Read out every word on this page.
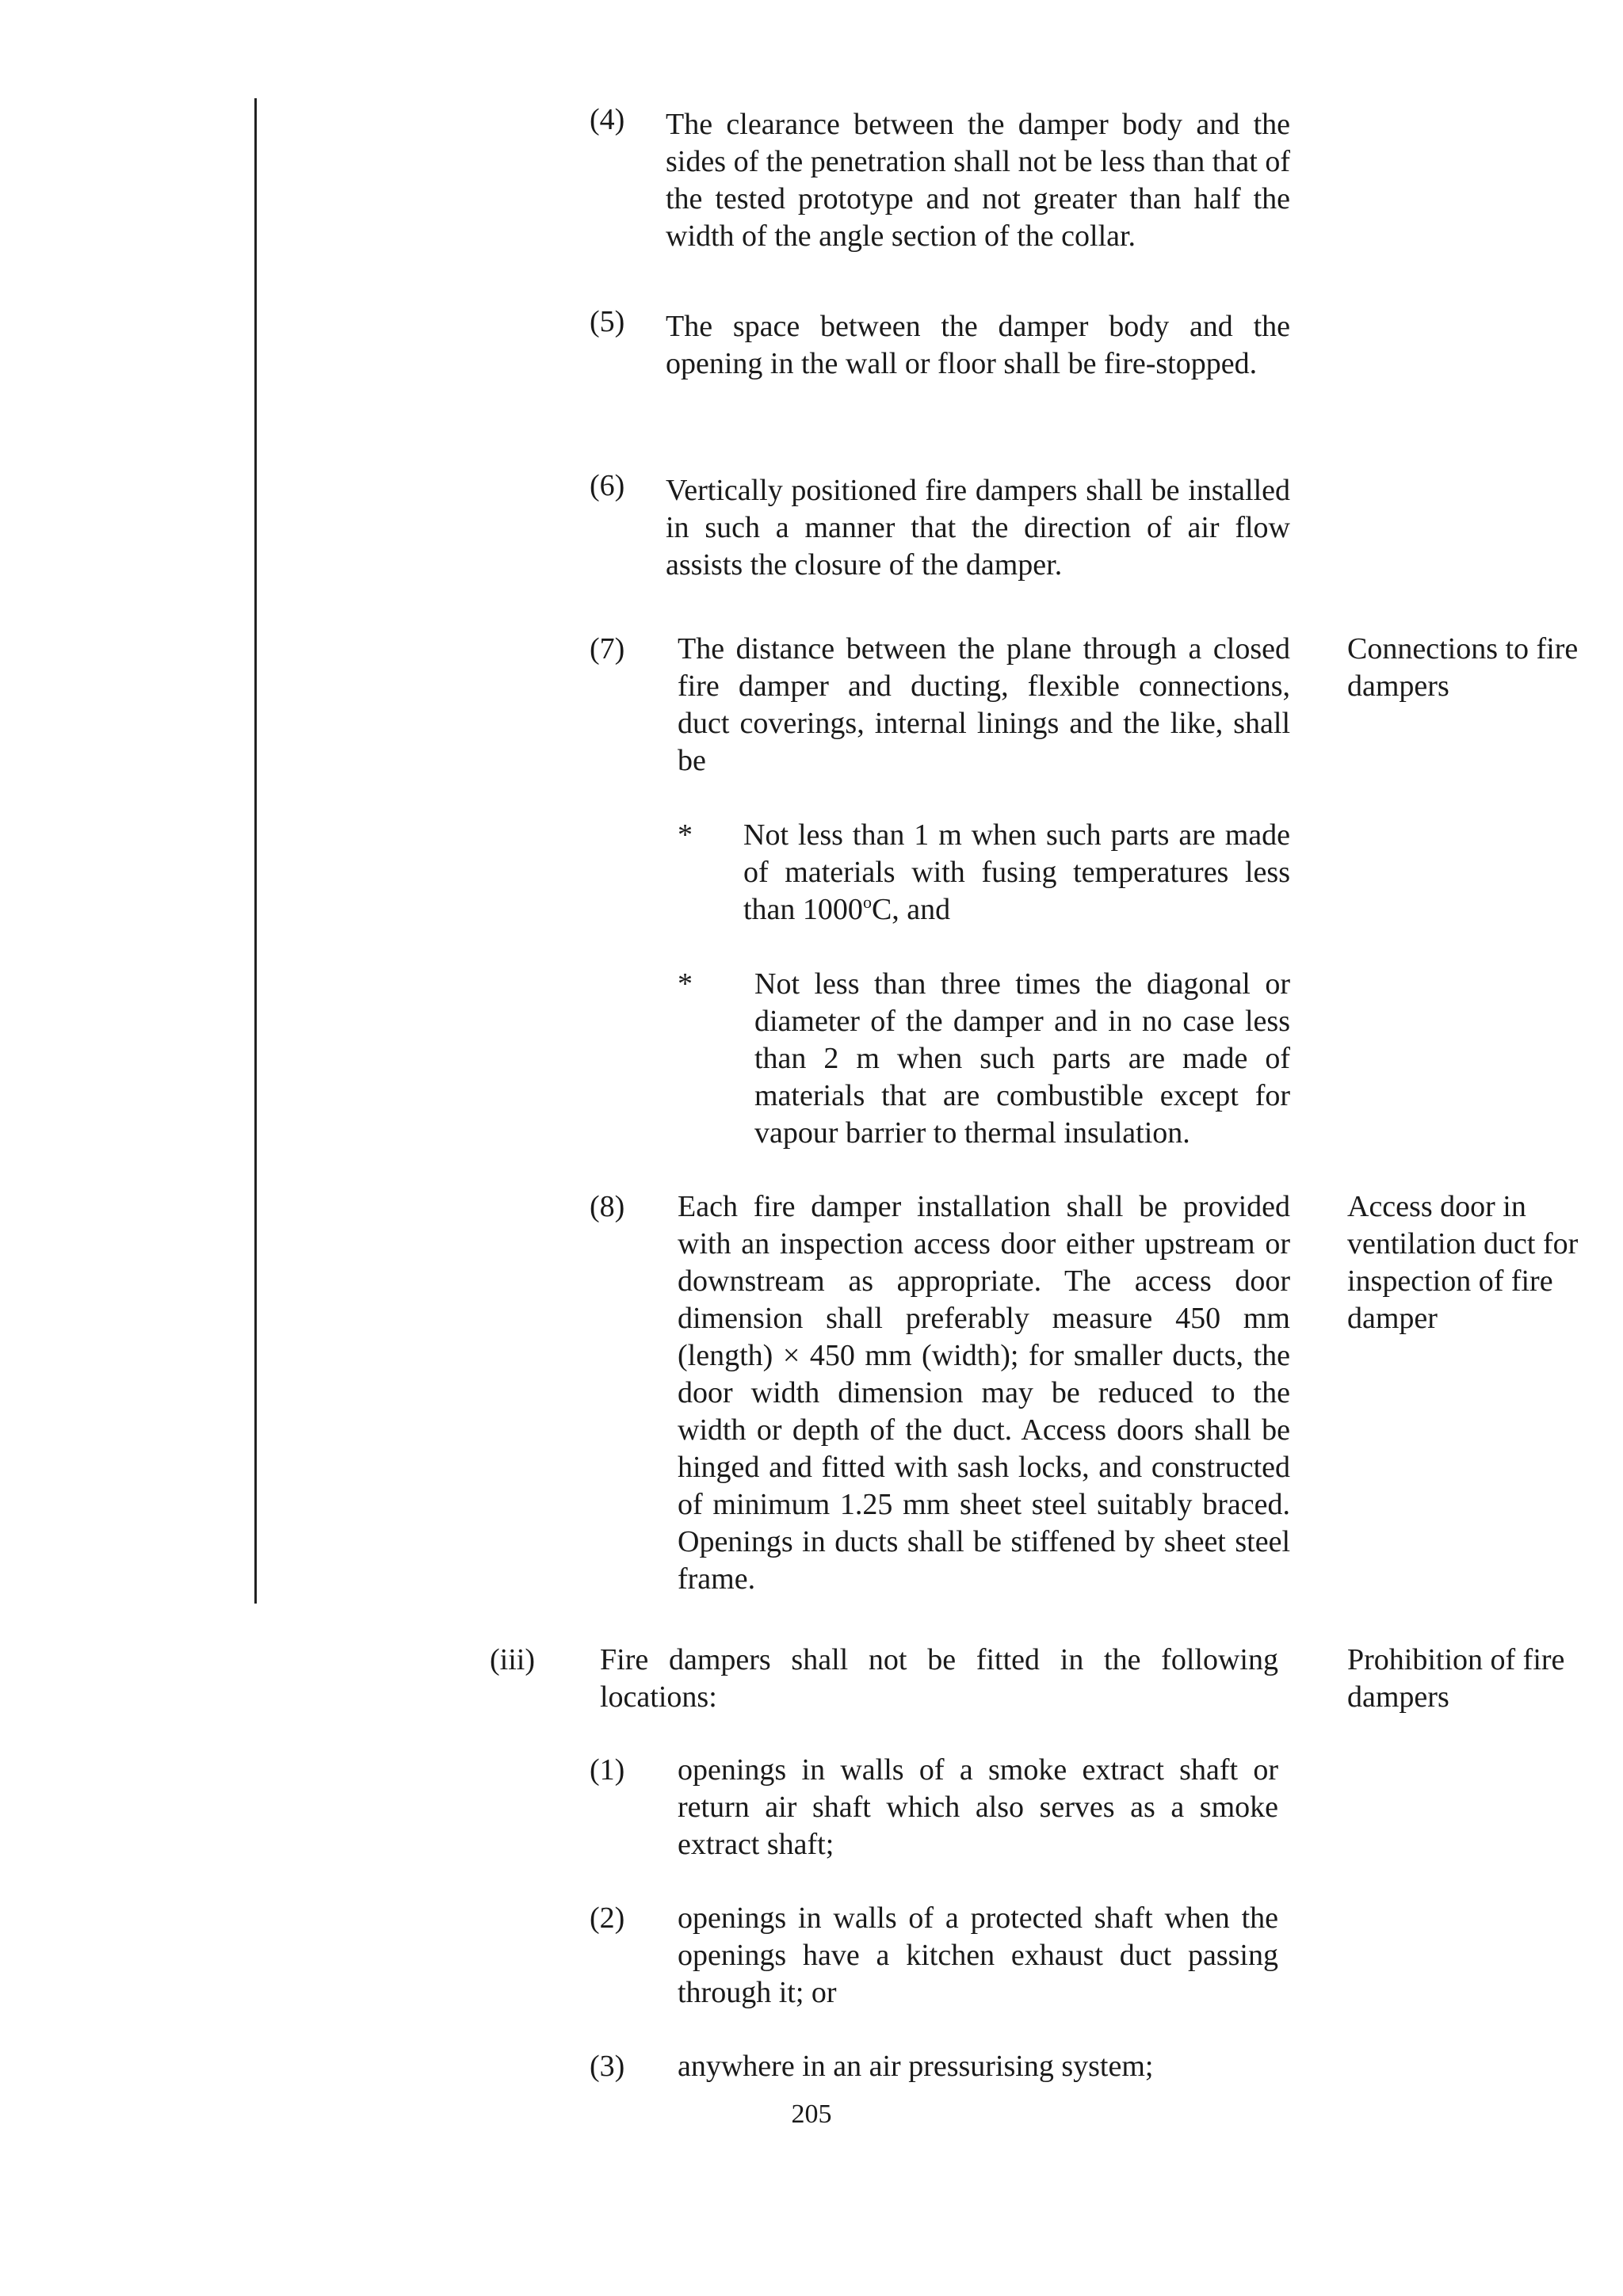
(4) The clearance between the damper body and the sides of the penetration shall not be less than that of the tested prototype and not greater than half the width of the angle section of the collar.
(5) The space between the damper body and the opening in the wall or floor shall be fire-stopped.
(6) Vertically positioned fire dampers shall be installed in such a manner that the direction of air flow assists the closure of the damper.
(7) The distance between the plane through a closed fire damper and ducting, flexible connections, duct coverings, internal linings and the like, shall be
Connections to fire dampers
* Not less than 1 m when such parts are made of materials with fusing temperatures less than 1000$^o$C, and
* Not less than three times the diagonal or diameter of the damper and in no case less than 2 m when such parts are made of materials that are combustible except for vapour barrier to thermal insulation.
(8) Each fire damper installation shall be provided with an inspection access door either upstream or downstream as appropriate. The access door dimension shall preferably measure 450 mm (length) × 450 mm (width); for smaller ducts, the door width dimension may be reduced to the width or depth of the duct. Access doors shall be hinged and fitted with sash locks, and constructed of minimum 1.25 mm sheet steel suitably braced. Openings in ducts shall be stiffened by sheet steel frame.
Access door in ventilation duct for inspection of fire damper
(iii) Fire dampers shall not be fitted in the following locations:
Prohibition of fire dampers
(1) openings in walls of a smoke extract shaft or return air shaft which also serves as a smoke extract shaft;
(2) openings in walls of a protected shaft when the openings have a kitchen exhaust duct passing through it; or
(3) anywhere in an air pressurising system;
205
